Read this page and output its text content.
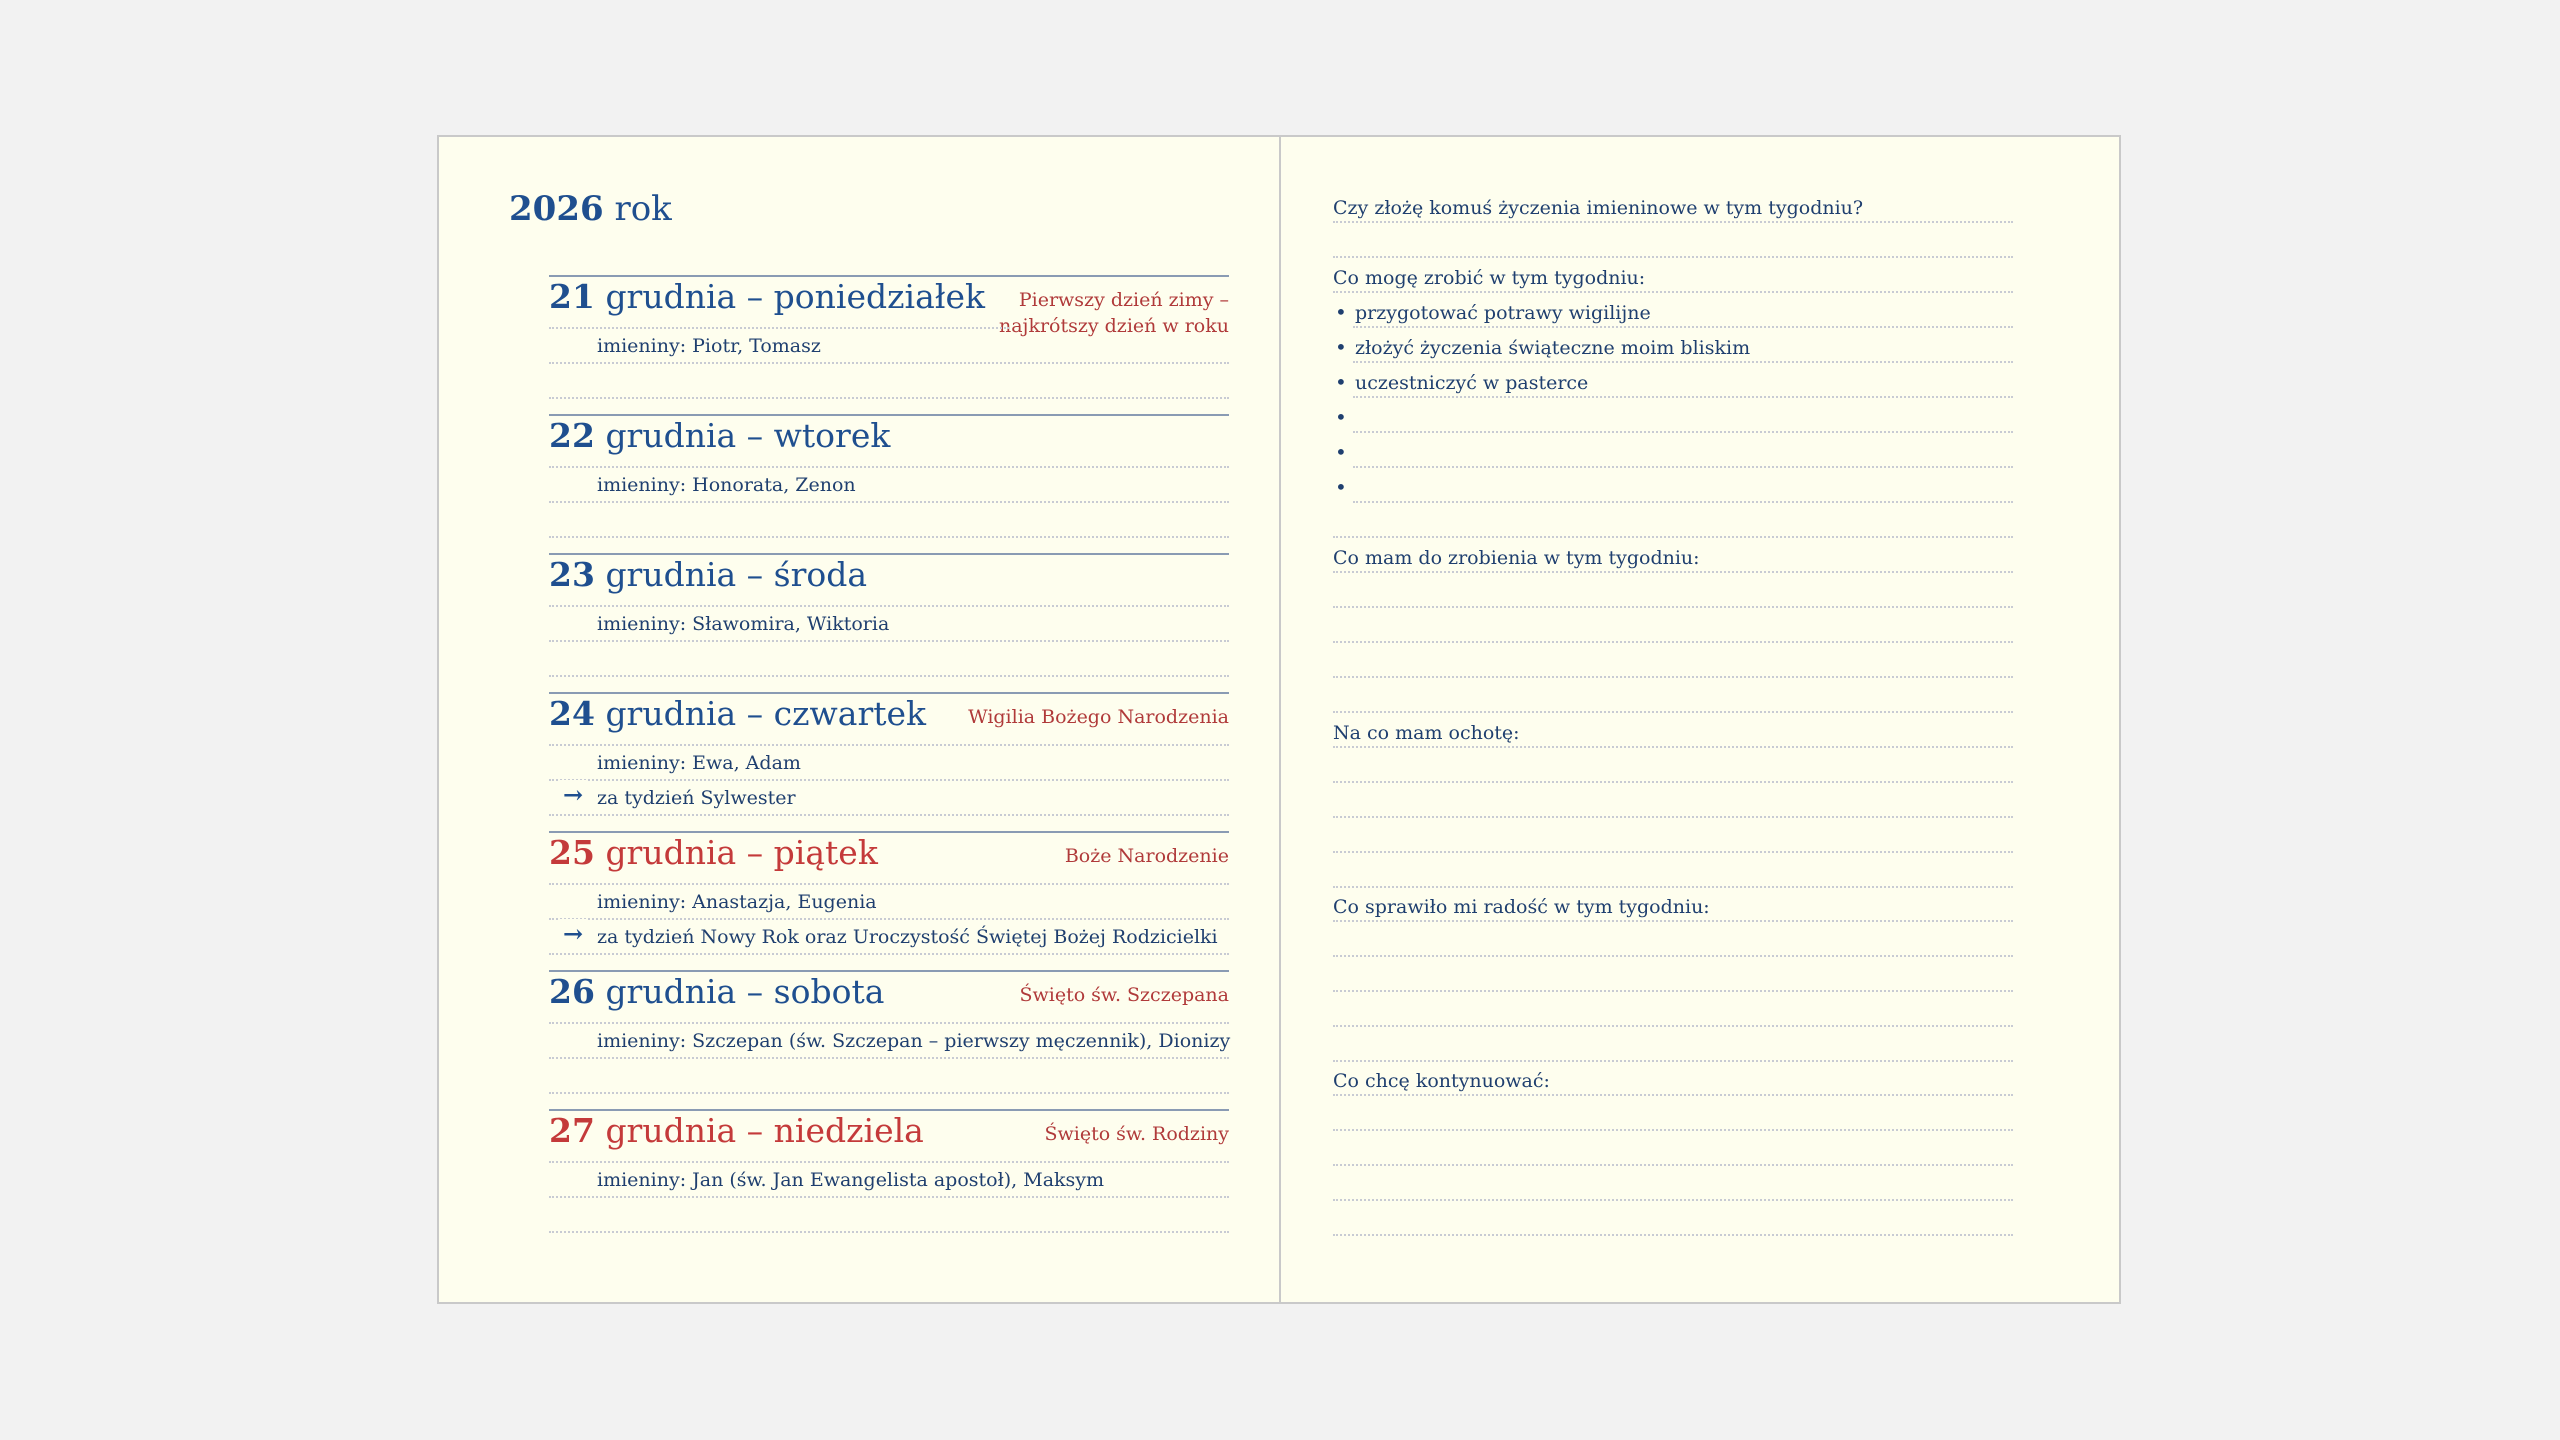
2026 rok
21 grudnia – poniedziałek	Pierwszy dzień zimy –
najkrótszy dzień w roku
imieniny: Piotr, Tomasz
22 grudnia – wtorek
imieniny: Honorata, Zenon
23 grudnia – środa
imieniny: Sławomira, Wiktoria
24 grudnia – czwartek Wigilia Bożego Narodzenia
imieniny: Ewa, Adam
→ za tydzień Sylwester
25 grudnia – piątek	Boże Narodzenie
imieniny: Anastazja, Eugenia
→ za tydzień Nowy Rok oraz Uroczystość Świętej Bożej Rodzicielki
26 grudnia – sobota	Święto św. Szczepana
imieniny: Szczepan (św. Szczepan – pierwszy męczennik), Dionizy
27 grudnia – niedziela	Święto św. Rodziny
imieniny: Jan (św. Jan Ewangelista apostoł), Maksym
Czy złożę komuś życzenia imieninowe w tym tygodniu?
Co mogę zrobić w tym tygodniu:
• przygotować potrawy wigilijne
• złożyć życzenia świąteczne moim bliskim
• uczestniczyć w pasterce
•
•
•
Co mam do zrobienia w tym tygodniu:
Na co mam ochotę:
Co sprawiło mi radość w tym tygodniu:
Co chcę kontynuować:
